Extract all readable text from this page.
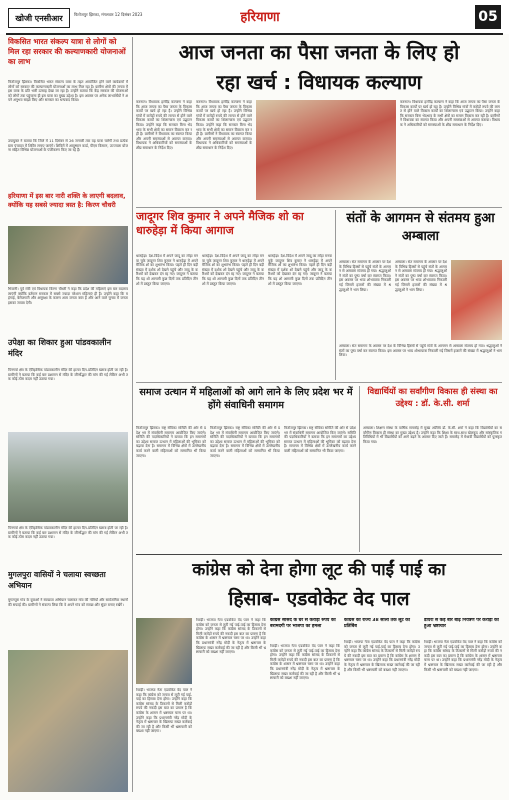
खोजी एनसीआर	फिरोजपुर झिरका, मंगलवार 12 दिसंबर 2023	हरियाणा	05
विकसित भारत संकल्प यात्रा से लोगों को मिल रहा सरकार की कल्याणकारी योजनाओं का लाभ
फिरोजपुर झिरका। विकसित भारत संकल्प यात्रा के तहत आयोजित होने वाले कार्यक्रमों में लोगों को सरकार की कल्याणकारी योजनाओं का लाभ मिल रहा है। ग्रामीण क्षेत्रों की जनता में इस यात्रा के प्रति भारी उत्साह देखा जा रहा है। उन्होंने बताया कि केंद्र सरकार की योजनाओं को लोगों तक पहुंचाना ही इस यात्रा का मुख्य उद्देश्य है। इस अवसर पर अनेक लाभार्थियों ने अपने अनुभव साझा किए और सरकार का धन्यवाद किया।
उपायुक्त ने बताया कि जिले में 11 दिसंबर से 26 जनवरी तक यह यात्रा चलेगी तथा प्रत्येक ग्राम पंचायत में शिविर लगाए जाएंगे। शिविरों में आयुष्मान कार्ड, पीएम किसान, उज्ज्वला योजना सहित विभिन्न योजनाओं के पंजीकरण किए जा रहे हैं।
हरियाणा में इस बार नारी शक्ति के लाएगी बदलाव, क्योंकि यह सबसे ज्यादा त्रस्त है: किरण चौधरी
भिवानी। पूर्व मंत्री एवं विधायक किरण चौधरी ने कहा कि प्रदेश की महिलाएं इस बार बदलाव लाएंगी क्योंकि वर्तमान सरकार में सबसे ज्यादा परेशान महिलाएं ही हैं। उन्होंने कहा कि महंगाई, बेरोजगारी और असुरक्षा के कारण आम जनता त्रस्त है और आने वाले चुनाव में जनता इसका जवाब देगी।
उपेक्षा का शिकार हुआ पांडवकालीन मंदिर
पिनगवां क्षेत्र के ऐतिहासिक पांडवकालीन मंदिर की हालत दिन-प्रतिदिन खराब होती जा रही है। ग्रामीणों ने बताया कि कई बार प्रशासन से मंदिर के जीर्णोद्धार की मांग की गई लेकिन अभी तक कोई ठोस कदम नहीं उठाया गया।
पिनगवां क्षेत्र के ऐतिहासिक पांडवकालीन मंदिर की हालत दिन-प्रतिदिन खराब होती जा रही है। ग्रामीणों ने बताया कि कई बार प्रशासन से मंदिर के जीर्णोद्धार की मांग की गई लेकिन अभी तक कोई ठोस कदम नहीं उठाया गया।
मुगलपुरा वासियों ने चलाया स्वच्छता अभियान
मुगलपुरा गांव के युवाओं ने स्वच्छता अभियान चलाकर गांव की गलियों और सार्वजनिक स्थानों की सफाई की। ग्रामीणों ने संकल्प लिया कि वे अपने गांव को स्वच्छ और सुंदर बनाए रखेंगे।
आज जनता का पैसा जनता के लिए हो
रहा खर्च : विधायक कल्याण
करनाल। विधायक हरविंद्र कल्याण ने कहा कि आज जनता का पैसा जनता के विकास कार्यों पर खर्च हो रहा है। उन्होंने विभिन्न गांवों में करोड़ों रुपये की लागत से होने वाले विकास कार्यों का शिलान्यास एवं उद्घाटन किया। उन्होंने कहा कि सरकार बिना भेदभाव के सभी क्षेत्रों का समान विकास कर रही है। ग्रामीणों ने विधायक का स्वागत किया और अपनी समस्याओं से अवगत कराया। विधायक ने अधिकारियों को समस्याओं के शीघ्र समाधान के निर्देश दिए।
करनाल। विधायक हरविंद्र कल्याण ने कहा कि आज जनता का पैसा जनता के विकास कार्यों पर खर्च हो रहा है। उन्होंने विभिन्न गांवों में करोड़ों रुपये की लागत से होने वाले विकास कार्यों का शिलान्यास एवं उद्घाटन किया। उन्होंने कहा कि सरकार बिना भेदभाव के सभी क्षेत्रों का समान विकास कर रही है। ग्रामीणों ने विधायक का स्वागत किया और अपनी समस्याओं से अवगत कराया। विधायक ने अधिकारियों को समस्याओं के शीघ्र समाधान के निर्देश दिए।
करनाल। विधायक हरविंद्र कल्याण ने कहा कि आज जनता का पैसा जनता के विकास कार्यों पर खर्च हो रहा है। उन्होंने विभिन्न गांवों में करोड़ों रुपये की लागत से होने वाले विकास कार्यों का शिलान्यास एवं उद्घाटन किया। उन्होंने कहा कि सरकार बिना भेदभाव के सभी क्षेत्रों का समान विकास कर रही है। ग्रामीणों ने विधायक का स्वागत किया और अपनी समस्याओं से अवगत कराया। विधायक ने अधिकारियों को समस्याओं के शीघ्र समाधान के निर्देश दिए।
जादूगर शिव कुमार ने अपने मैजिक शो का धारुहेड़ा में किया आगाज
धारुहेड़ा। देश-विदेश में अपने जादू का लोहा मनवा चुके जादूगर शिव कुमार ने धारुहेड़ा में अपने मैजिक शो का शुभारंभ किया। पहले ही दिन बड़ी संख्या में दर्शक शो देखने पहुंचे और जादू के करिश्मों को देखकर दंग रह गए। जादूगर ने बताया कि यह शो आगामी कुछ दिनों तक प्रतिदिन तीन शो में प्रस्तुत किया जाएगा।
धारुहेड़ा। देश-विदेश में अपने जादू का लोहा मनवा चुके जादूगर शिव कुमार ने धारुहेड़ा में अपने मैजिक शो का शुभारंभ किया। पहले ही दिन बड़ी संख्या में दर्शक शो देखने पहुंचे और जादू के करिश्मों को देखकर दंग रह गए। जादूगर ने बताया कि यह शो आगामी कुछ दिनों तक प्रतिदिन तीन शो में प्रस्तुत किया जाएगा।
धारुहेड़ा। देश-विदेश में अपने जादू का लोहा मनवा चुके जादूगर शिव कुमार ने धारुहेड़ा में अपने मैजिक शो का शुभारंभ किया। पहले ही दिन बड़ी संख्या में दर्शक शो देखने पहुंचे और जादू के करिश्मों को देखकर दंग रह गए। जादूगर ने बताया कि यह शो आगामी कुछ दिनों तक प्रतिदिन तीन शो में प्रस्तुत किया जाएगा।
संतों के आगमन से संतमय हुआ अम्बाला
अम्बाला। संत समागम के अवसर पर देश के विभिन्न हिस्सों से पहुंचे संतों के आगमन से अम्बाला संतमय हो गया। श्रद्धालुओं ने संतों का पुष्प वर्षा कर स्वागत किया। इस अवसर पर भव्य शोभायात्रा निकाली गई जिसमें हजारों की संख्या में श्रद्धालुओं ने भाग लिया।
अम्बाला। संत समागम के अवसर पर देश के विभिन्न हिस्सों से पहुंचे संतों के आगमन से अम्बाला संतमय हो गया। श्रद्धालुओं ने संतों का पुष्प वर्षा कर स्वागत किया। इस अवसर पर भव्य शोभायात्रा निकाली गई जिसमें हजारों की संख्या में श्रद्धालुओं ने भाग लिया।
अम्बाला। संत समागम के अवसर पर देश के विभिन्न हिस्सों से पहुंचे संतों के आगमन से अम्बाला संतमय हो गया। श्रद्धालुओं ने संतों का पुष्प वर्षा कर स्वागत किया। इस अवसर पर भव्य शोभायात्रा निकाली गई जिसमें हजारों की संख्या में श्रद्धालुओं ने भाग लिया।
समाज उत्थान में महिलाओं को आगे लाने के लिए प्रदेश भर में होंगे संवाधिनी समागम
फिरोजपुर झिरका। राष्ट्र सेविका समिति की ओर से प्रदेश भर में संवाधिनी समागम आयोजित किए जाएंगे। समिति की पदाधिकारियों ने बताया कि इन समागमों का उद्देश्य समाज उत्थान में महिलाओं की भूमिका को बढ़ावा देना है। समागम में विभिन्न क्षेत्रों में उल्लेखनीय कार्य करने वाली महिलाओं को सम्मानित भी किया जाएगा।
फिरोजपुर झिरका। राष्ट्र सेविका समिति की ओर से प्रदेश भर में संवाधिनी समागम आयोजित किए जाएंगे। समिति की पदाधिकारियों ने बताया कि इन समागमों का उद्देश्य समाज उत्थान में महिलाओं की भूमिका को बढ़ावा देना है। समागम में विभिन्न क्षेत्रों में उल्लेखनीय कार्य करने वाली महिलाओं को सम्मानित भी किया जाएगा।
फिरोजपुर झिरका। राष्ट्र सेविका समिति की ओर से प्रदेश भर में संवाधिनी समागम आयोजित किए जाएंगे। समिति की पदाधिकारियों ने बताया कि इन समागमों का उद्देश्य समाज उत्थान में महिलाओं की भूमिका को बढ़ावा देना है। समागम में विभिन्न क्षेत्रों में उल्लेखनीय कार्य करने वाली महिलाओं को सम्मानित भी किया जाएगा।
विद्यार्थियों का सर्वांगीण विकास ही संस्था का उद्देश्य : डॉ. के.सी. शर्मा
अम्बाला। शिक्षण संस्था के वार्षिक समारोह में मुख्य अतिथि डॉ. के.सी. शर्मा ने कहा कि विद्यार्थियों का सर्वांगीण विकास ही संस्था का मुख्य उद्देश्य है। उन्होंने कहा कि शिक्षा के साथ-साथ खेलकूद और सांस्कृतिक गतिविधियों में भी विद्यार्थियों को आगे बढ़ने के अवसर दिए जाते हैं। समारोह में मेधावी विद्यार्थियों को पुरस्कृत किया गया।
कांग्रेस को देना होगा लूट की पाईं पाई का
हिसाब- एडवोकेट वेद पाल
रेवाड़ी। भाजपा नेता एडवोकेट वेद पाल ने कहा कि कांग्रेस को जनता से लूटी गई पाई-पाई का हिसाब देना होगा। उन्होंने कहा कि कांग्रेस सांसद के ठिकानों से मिली करोड़ों रुपये की नकदी इस बात का प्रमाण है कि कांग्रेस के शासन में भ्रष्टाचार चरम पर था। उन्होंने कहा कि प्रधानमंत्री नरेंद्र मोदी के नेतृत्व में भ्रष्टाचार के खिलाफ सख्त कार्रवाई की जा रही है और किसी भी भ्रष्टाचारी को बख्शा नहीं जाएगा।
रेवाड़ी। भाजपा नेता एडवोकेट वेद पाल ने कहा कि कांग्रेस को जनता से लूटी गई पाई-पाई का हिसाब देना होगा। उन्होंने कहा कि कांग्रेस सांसद के ठिकानों से मिली करोड़ों रुपये की नकदी इस बात का प्रमाण है कि कांग्रेस के शासन में भ्रष्टाचार चरम पर था। उन्होंने कहा कि प्रधानमंत्री नरेंद्र मोदी के नेतृत्व में भ्रष्टाचार के खिलाफ सख्त कार्रवाई की जा रही है और किसी भी भ्रष्टाचारी को बख्शा नहीं जाएगा।
कांग्रेस सांसद के घर से करोड़ों रुपये की बरामदगी पर भाजपा का हमला
रेवाड़ी। भाजपा नेता एडवोकेट वेद पाल ने कहा कि कांग्रेस को जनता से लूटी गई पाई-पाई का हिसाब देना होगा। उन्होंने कहा कि कांग्रेस सांसद के ठिकानों से मिली करोड़ों रुपये की नकदी इस बात का प्रमाण है कि कांग्रेस के शासन में भ्रष्टाचार चरम पर था। उन्होंने कहा कि प्रधानमंत्री नरेंद्र मोदी के नेतृत्व में भ्रष्टाचार के खिलाफ सख्त कार्रवाई की जा रही है और किसी भी भ्रष्टाचारी को बख्शा नहीं जाएगा।
कांग्रेस का राज्य 38 सालों तक लूट का प्रतिबिंब
रेवाड़ी। भाजपा नेता एडवोकेट वेद पाल ने कहा कि कांग्रेस को जनता से लूटी गई पाई-पाई का हिसाब देना होगा। उन्होंने कहा कि कांग्रेस सांसद के ठिकानों से मिली करोड़ों रुपये की नकदी इस बात का प्रमाण है कि कांग्रेस के शासन में भ्रष्टाचार चरम पर था। उन्होंने कहा कि प्रधानमंत्री नरेंद्र मोदी के नेतृत्व में भ्रष्टाचार के खिलाफ सख्त कार्रवाई की जा रही है और किसी भी भ्रष्टाचारी को बख्शा नहीं जाएगा।
डायरी से कई बार बाढ़ नियंत्रण पर करोड़ों का हुआ भ्रष्टाचार
रेवाड़ी। भाजपा नेता एडवोकेट वेद पाल ने कहा कि कांग्रेस को जनता से लूटी गई पाई-पाई का हिसाब देना होगा। उन्होंने कहा कि कांग्रेस सांसद के ठिकानों से मिली करोड़ों रुपये की नकदी इस बात का प्रमाण है कि कांग्रेस के शासन में भ्रष्टाचार चरम पर था। उन्होंने कहा कि प्रधानमंत्री नरेंद्र मोदी के नेतृत्व में भ्रष्टाचार के खिलाफ सख्त कार्रवाई की जा रही है और किसी भी भ्रष्टाचारी को बख्शा नहीं जाएगा।
